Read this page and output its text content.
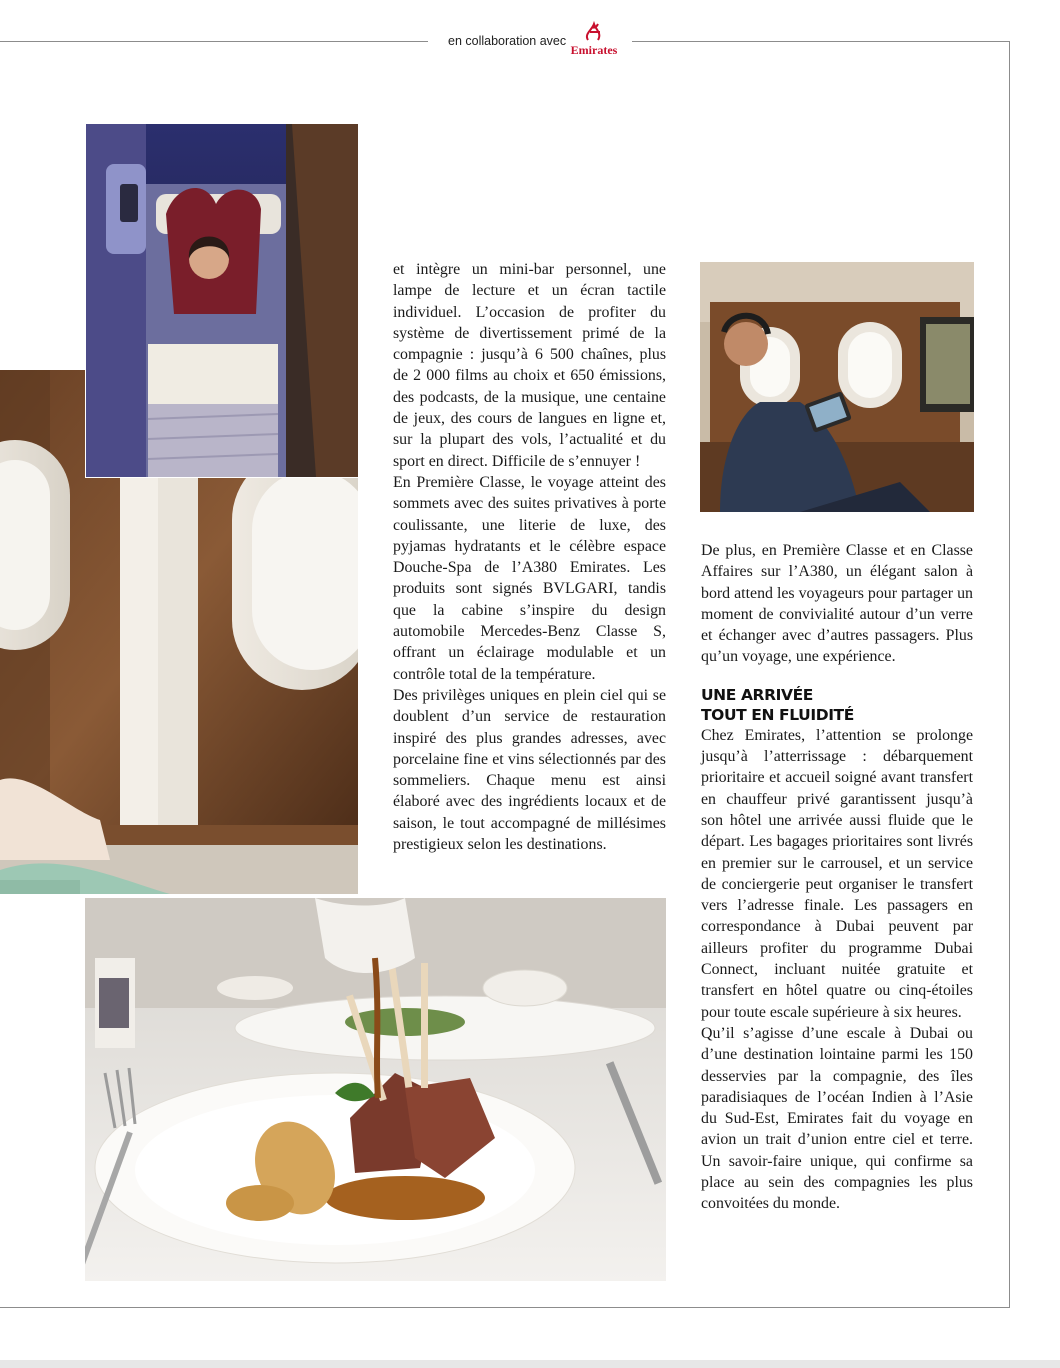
en collaboration avec
Emirates

et intègre un mini-bar personnel, une lampe de lecture et un écran tactile individuel. L’occasion de profiter du système de divertissement primé de la compagnie : jusqu’à 6 500 chaînes, plus de 2 000 films au choix et 650 émissions, des podcasts, de la musique, une centaine de jeux, des cours de langues en ligne et, sur la plupart des vols, l’actualité et du sport en direct. Difficile de s’ennuyer !

En Première Classe, le voyage atteint des sommets avec des suites privatives à porte coulissante, une literie de luxe, des pyjamas hydratants et le célèbre espace Douche-Spa de l’A380 Emirates. Les produits sont signés BVLGARI, tandis que la cabine s’inspire du design automobile Mercedes-Benz Classe S, offrant un éclairage modulable et un contrôle total de la température.

Des privilèges uniques en plein ciel qui se doublent d’un service de restauration inspiré des plus grandes adresses, avec porcelaine fine et vins sélectionnés par des sommeliers. Chaque menu est ainsi élaboré avec des ingrédients locaux et de saison, le tout accompagné de millésimes prestigieux selon les destinations.

De plus, en Première Classe et en Classe Affaires sur l’A380, un élégant salon à bord attend les voyageurs pour partager un moment de convivialité autour d’un verre et échanger avec d’autres passagers. Plus qu’un voyage, une expérience.

UNE ARRIVÉE
TOUT EN FLUIDITÉ

Chez Emirates, l’attention se prolonge jusqu’à l’atterrissage : débarquement prioritaire et accueil soigné avant transfert en chauffeur privé garantissent jusqu’à son hôtel une arrivée aussi fluide que le départ. Les bagages prioritaires sont livrés en premier sur le carrousel, et un service de conciergerie peut organiser le transfert vers l’adresse finale. Les passagers en correspondance à Dubai peuvent par ailleurs profiter du programme Dubai Connect, incluant nuitée gratuite et transfert en hôtel quatre ou cinq-étoiles pour toute escale supérieure à six heures.

Qu’il s’agisse d’une escale à Dubai ou d’une destination lointaine parmi les 150 desservies par la compagnie, des îles paradisiaques de l’océan Indien à l’Asie du Sud-Est, Emirates fait du voyage en avion un trait d’union entre ciel et terre. Un savoir-faire unique, qui confirme sa place au sein des compagnies les plus convoitées du monde.
